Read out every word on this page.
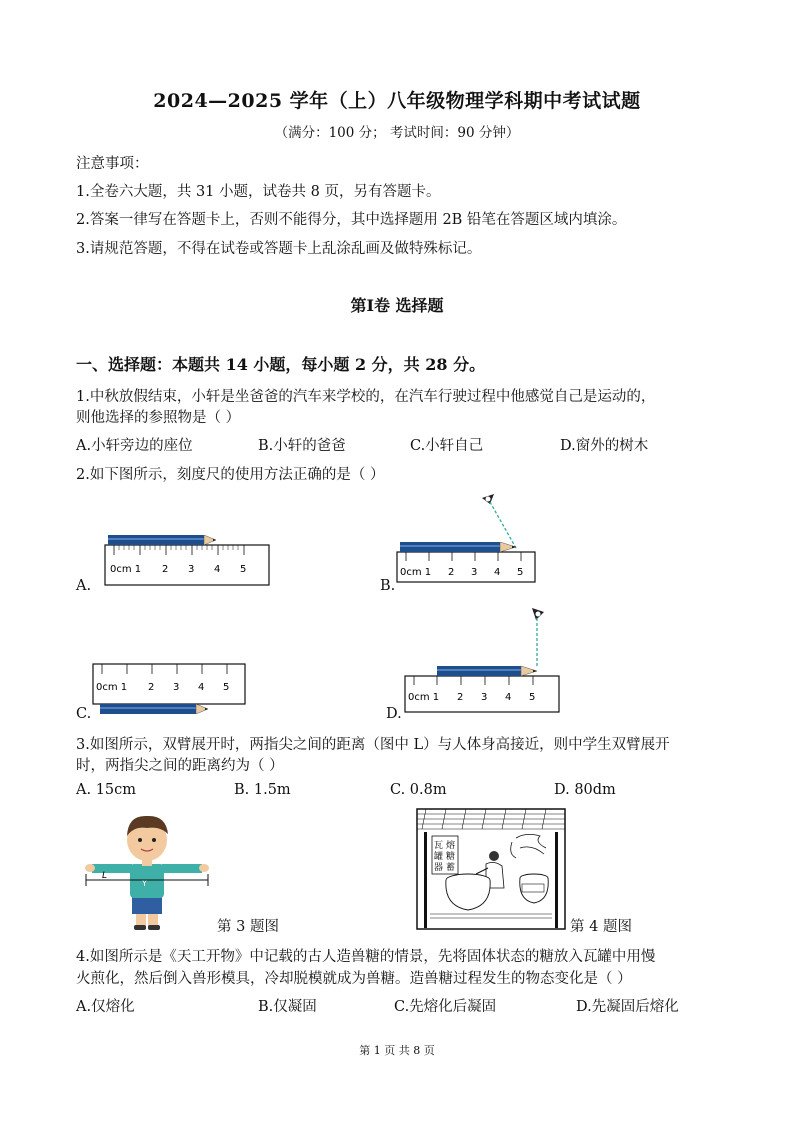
2024—2025 学年（上）八年级物理学科期中考试试题
（满分：100 分； 考试时间：90 分钟）
注意事项：
1.全卷六大题，共 31 小题，试卷共 8 页，另有答题卡。
2.答案一律写在答题卡上，否则不能得分，其中选择题用 2B 铅笔在答题区域内填涂。
3.请规范答题，不得在试卷或答题卡上乱涂乱画及做特殊标记。
第Ⅰ卷 选择题
一、选择题：本题共 14 小题，每小题 2 分，共 28 分。
1.中秋放假结束，小轩是坐爸爸的汽车来学校的，在汽车行驶过程中他感觉自己是运动的，
则他选择的参照物是（ ）
A.小轩旁边的座位	B.小轩的爸爸	C.小轩自己	D.窗外的树木
2.如下图所示，刻度尺的使用方法正确的是（ ）
0cm 1 2 3 4 5
A.
0cm 1 2 3 4 5
B.
0cm 1 2 3 4 5
C.
0cm 1 2 3 4 5
D.
3.如图所示，双臂展开时，两指尖之间的距离（图中 L）与人体身高接近，则中学生双臂展开
时，两指尖之间的距离约为（ ）
A. 15cm	B. 1.5m	C. 0.8m	D. 80dm
Y
L
第 3 题图
瓦
罐
器
熔
糖
蓄
第 4 题图
4.如图所示是《天工开物》中记载的古人造兽糖的情景，先将固体状态的糖放入瓦罐中用慢
火煎化，然后倒入兽形模具，冷却脱模就成为兽糖。造兽糖过程发生的物态变化是（ ）
A.仅熔化	B.仅凝固	C.先熔化后凝固	D.先凝固后熔化
第 1 页 共 8 页
